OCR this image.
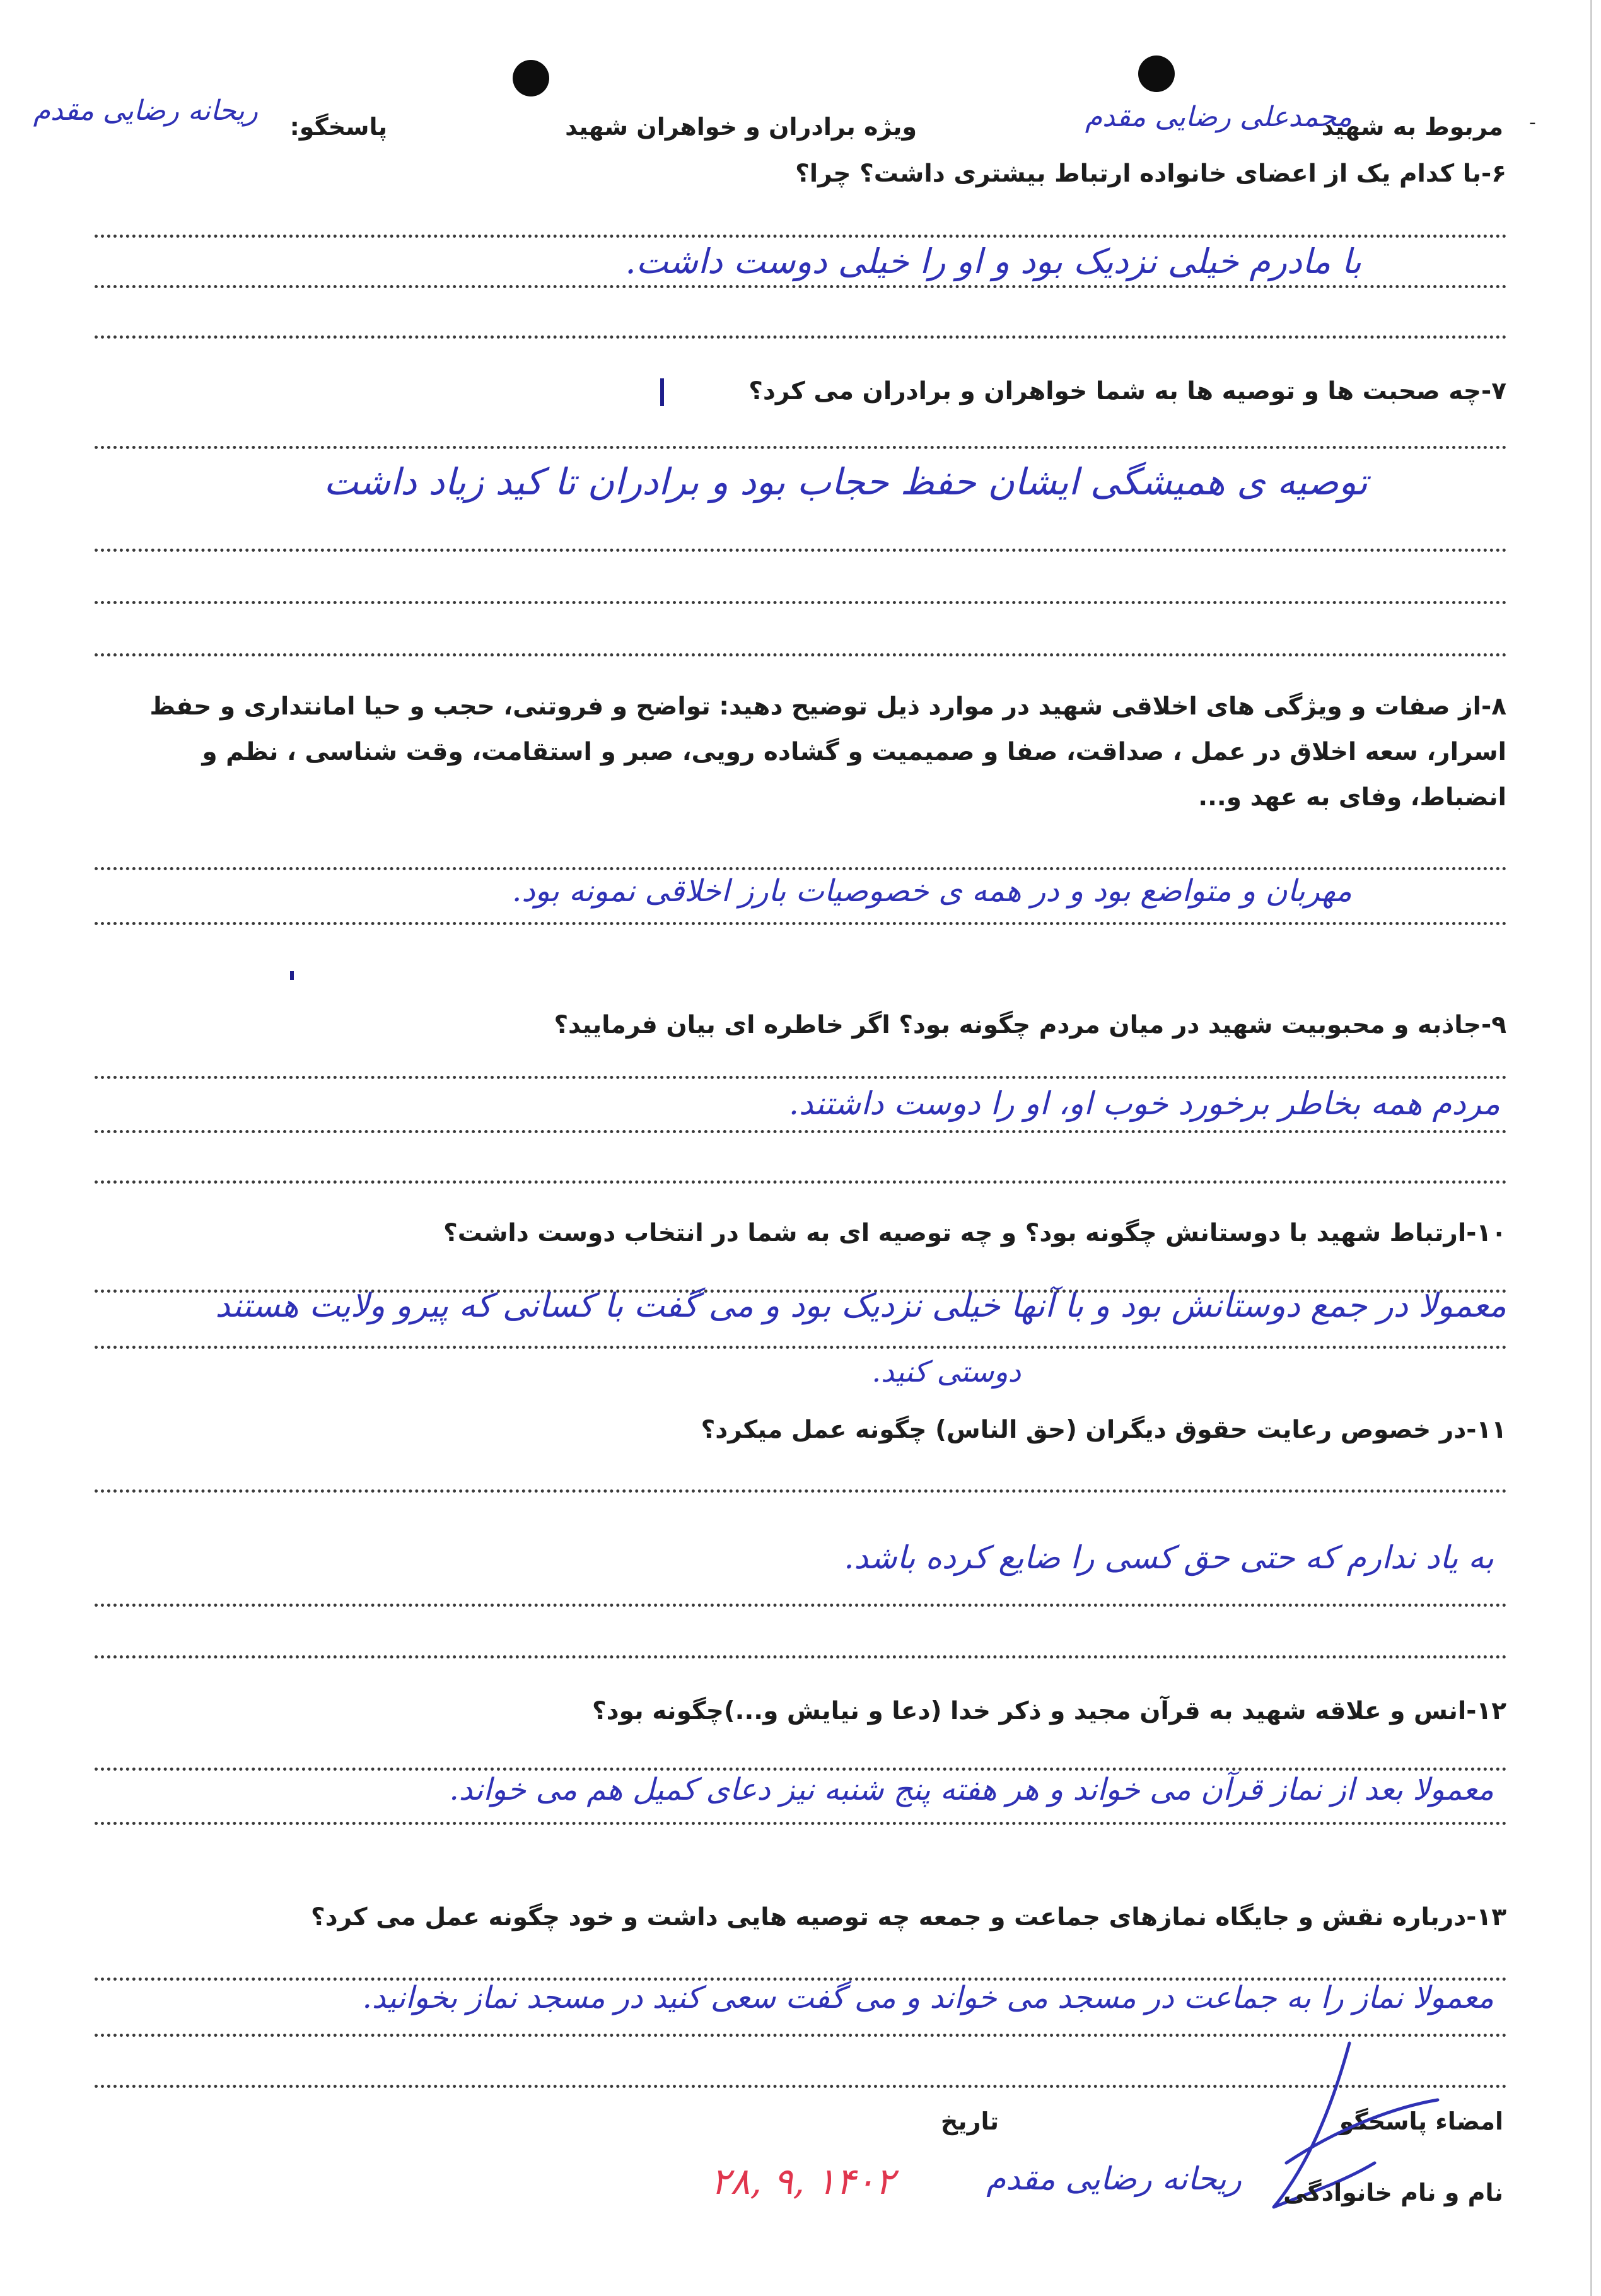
‐
مربوط به شهید
محمدعلی رضایی مقدم
ویژه برادران و خواهران شهید
پاسخگو:
ریحانه رضایی مقدم
۶-با کدام یک از اعضای خانواده ارتباط بیشتری داشت؟ چرا؟
با مادرم خیلی نزدیک بود و او را خیلی دوست داشت.
۷-چه صحبت ها و توصیه ها به شما خواهران و برادران می کرد؟
توصیه ی همیشگی ایشان حفظ حجاب بود و برادران تا کید زیاد داشت
۸-از صفات و ویژگی های اخلاقی شهید در موارد ذیل توضیح دهید: تواضح و فروتنی، حجب و حیا امانتداری و حفظ اسرار، سعه اخلاق در عمل ، صداقت، صفا و صمیمیت و گشاده رویی، صبر و استقامت، وقت شناسی ، نظم و انضباط، وفای به عهد و...
مهربان و متواضع بود و در همه ی خصوصیات بارز اخلاقی نمونه بود.
۹-جاذبه و محبوبیت شهید در میان مردم چگونه بود؟ اگر خاطره ای بیان فرمایید؟
مردم همه بخاطر برخورد خوب او، او را دوست داشتند.
۱۰-ارتباط شهید با دوستانش چگونه بود؟ و چه توصیه ای به شما در انتخاب دوست داشت؟
معمولا در جمع دوستانش بود و با آنها خیلی نزدیک بود و می گفت با کسانی که پیرو ولایت هستند
دوستی کنید.
۱۱-در خصوص رعایت حقوق دیگران (حق الناس) چگونه عمل میکرد؟
به یاد ندارم که حتی حق کسی را ضایع کرده باشد.
۱۲-انس و علاقه شهید به قرآن مجید و ذکر خدا (دعا و نیایش و...)چگونه بود؟
معمولا بعد از نماز قرآن می خواند و هر هفته پنج شنبه نیز دعای کمیل هم می خواند.
۱۳-درباره نقش و جایگاه نمازهای جماعت و جمعه چه توصیه هایی داشت و خود چگونه عمل می کرد؟
معمولا نماز را به جماعت در مسجد می خواند و می گفت سعی کنید در مسجد نماز بخوانید.
امضاء پاسخگو
تاریخ
نام و نام خانوادگی
ریحانه رضایی مقدم
۱۴۰۲ ,۹ ,۲۸
